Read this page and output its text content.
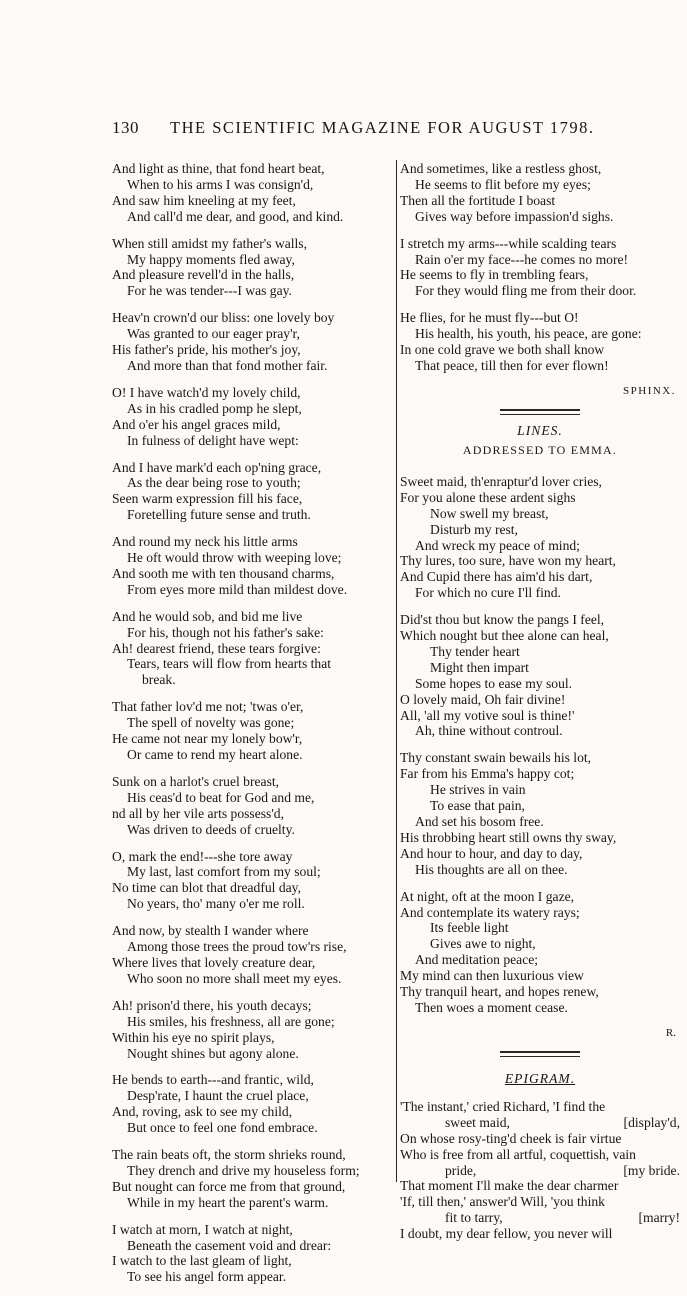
130 THE SCIENTIFIC MAGAZINE FOR AUGUST 1798.
And light as thine, that fond heart beat,
When to his arms I was consign'd,
And saw him kneeling at my feet,
And call'd me dear, and good, and kind.
When still amidst my father's walls,
My happy moments fled away,
And pleasure revell'd in the halls,
For he was tender---I was gay.
Heav'n crown'd our bliss: one lovely boy
Was granted to our eager pray'r,
His father's pride, his mother's joy,
And more than that fond mother fair.
O! I have watch'd my lovely child,
As in his cradled pomp he slept,
And o'er his angel graces mild,
In fulness of delight have wept:
And I have mark'd each op'ning grace,
As the dear being rose to youth;
Seen warm expression fill his face,
Foretelling future sense and truth.
And round my neck his little arms
He oft would throw with weeping love;
And sooth me with ten thousand charms,
From eyes more mild than mildest dove.
And he would sob, and bid me live
For his, though not his father's sake:
Ah! dearest friend, these tears forgive:
Tears, tears will flow from hearts that
break.
That father lov'd me not; 'twas o'er,
The spell of novelty was gone;
He came not near my lonely bow'r,
Or came to rend my heart alone.
Sunk on a harlot's cruel breast,
His ceas'd to beat for God and me,
nd all by her vile arts possess'd,
Was driven to deeds of cruelty.
O, mark the end!---she tore away
My last, last comfort from my soul;
No time can blot that dreadful day,
No years, tho' many o'er me roll.
And now, by stealth I wander where
Among those trees the proud tow'rs rise,
Where lives that lovely creature dear,
Who soon no more shall meet my eyes.
Ah! prison'd there, his youth decays;
His smiles, his freshness, all are gone;
Within his eye no spirit plays,
Nought shines but agony alone.
He bends to earth---and frantic, wild,
Desp'rate, I haunt the cruel place,
And, roving, ask to see my child,
But once to feel one fond embrace.
The rain beats oft, the storm shrieks round,
They drench and drive my houseless form;
But nought can force me from that ground,
While in my heart the parent's warm.
I watch at morn, I watch at night,
Beneath the casement void and drear:
I watch to the last gleam of light,
To see his angel form appear.
And sometimes, like a restless ghost,
He seems to flit before my eyes;
Then all the fortitude I boast
Gives way before impassion'd sighs.
I stretch my arms---while scalding tears
Rain o'er my face---he comes no more!
He seems to fly in trembling fears,
For they would fling me from their door.
He flies, for he must fly---but O!
His health, his youth, his peace, are gone:
In one cold grave we both shall know
That peace, till then for ever flown!
SPHINX.
LINES.
ADDRESSED TO EMMA.
Sweet maid, th'enraptur'd lover cries,
For you alone these ardent sighs
Now swell my breast,
Disturb my rest,
And wreck my peace of mind;
Thy lures, too sure, have won my heart,
And Cupid there has aim'd his dart,
For which no cure I'll find.
Did'st thou but know the pangs I feel,
Which nought but thee alone can heal,
Thy tender heart
Might then impart
Some hopes to ease my soul.
O lovely maid, Oh fair divine!
All, 'all my votive soul is thine!'
Ah, thine without controul.
Thy constant swain bewails his lot,
Far from his Emma's happy cot;
He strives in vain
To ease that pain,
And set his bosom free.
His throbbing heart still owns thy sway,
And hour to hour, and day to day,
His thoughts are all on thee.
At night, oft at the moon I gaze,
And contemplate its watery rays;
Its feeble light
Gives awe to night,
And meditation peace;
My mind can then luxurious view
Thy tranquil heart, and hopes renew,
Then woes a moment cease.
R.
EPIGRAM.
'The instant,' cried Richard, 'I find the
sweet maid,	[display'd,
On whose rosy-ting'd cheek is fair virtue
Who is free from all artful, coquettish, vain
pride,	[my bride.
That moment I'll make the dear charmer
'If, till then,' answer'd Will, 'you think
fit to tarry,	[marry!
I doubt, my dear fellow, you never will
